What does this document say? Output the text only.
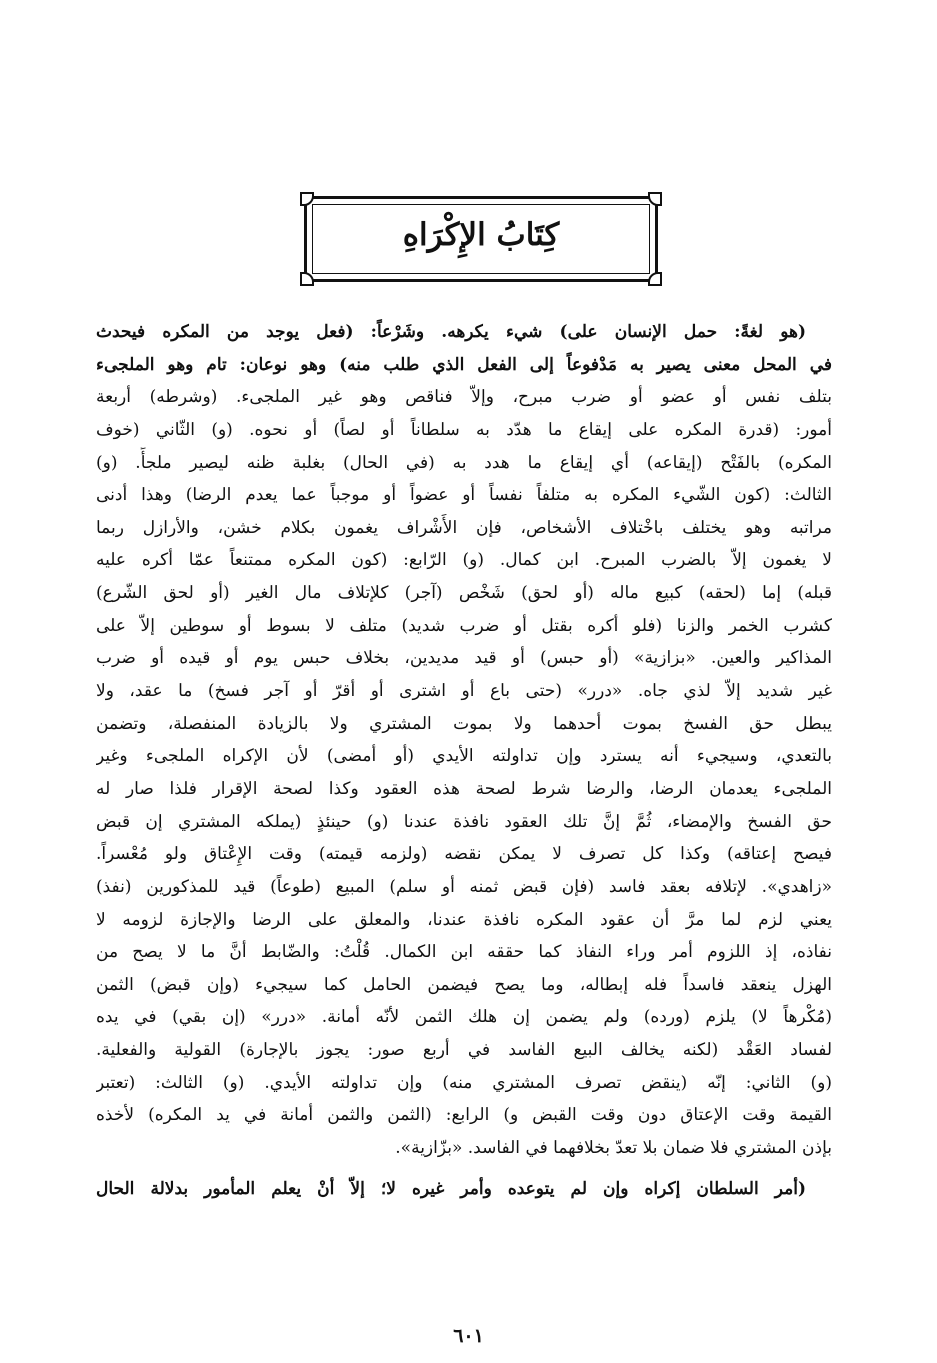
كِتَابُ الإِكْرَاهِ
(هو لغةً: حمل الإنسان على) شيء يكرهه. وشَرْعاً: (فعل يوجد من المكره فيحدث
في المحل معنى يصير به مَدْفوعاً إلى الفعل الذي طلب منه) وهو نوعان: تام وهو الملجىء
بتلف نفس أو عضو أو ضرب مبرح، وإلاّ فناقص وهو غير الملجىء. (وشرطه) أربعة
أمور: (قدرة المكره على إيقاع ما هدّد به سلطاناً أو لصاً) أو نحوه. (و) الثّاني (خوف
المكره) بالفَتْح (إيقاعه) أي إيقاع ما هدد به (في الحال) بغلبة ظنه ليصير ملجأً. (و)
الثالث: (كون الشّيء المكره به متلفاً نفساً أو عضواً أو موجباً عما يعدم الرضا) وهذا أدنى
مراتبه وهو يختلف باخْتلاف الأشخاص، فإن الأَشْراف يغمون بكلام خشن، والأرازل ربما
لا يغمون إلاّ بالضرب المبرح. ابن كمال. (و) الرّابع: (كون المكره ممتنعاً عمّا أكره عليه
قبله) إما (لحقه) كبيع ماله (أو لحق) شَخْص (آجر) كلإتلاف مال الغير (أو لحق الشّرع)
كشرب الخمر والزنا (فلو أكره بقتل أو ضرب شديد) متلف لا بسوط أو سوطين إلاّ على
المذاكير والعين. «بزازية» (أو حبس) أو قيد مديدين، بخلاف حبس يوم أو قيده أو ضرب
غير شديد إلاّ لذي جاه. «درر» (حتى باع أو اشترى أو أقرّ أو آجر فسخ) ما عقد، ولا
يبطل حق الفسخ بموت أحدهما ولا بموت المشتري ولا بالزيادة المنفصلة، وتضمن
بالتعدي، وسيجيء أنه يسترد وإن تداولته الأيدي (أو أمضى) لأن الإكراه الملجىء وغير
الملجىء يعدمان الرضا، والرضا شرط لصحة هذه العقود وكذا لصحة الإقرار فلذا صار له
حق الفسخ والإمضاء، ثُمَّ إنَّ تلك العقود نافذة عندنا (و) حينئذٍ (يملكه المشتري إن قبض
فيصح إعتاقه) وكذا كل تصرف لا يمكن نقضه (ولزمه قيمته) وقت الإِعْتاق ولو مُعْسراً.
«زاهدي». لإتلافه بعقد فاسد (فإن قبض ثمنه أو سلم) المبيع (طوعاً) قيد للمذكورين (نفذ)
يعني لزم لما مرَّ أن عقود المكره نافذة عندنا، والمعلق على الرضا والإجازة لزومه لا
نفاذه، إذ اللزوم أمر وراء النفاذ كما حققه ابن الكمال. قُلْتُ: والضّابط أنَّ ما لا يصح من
الهزل ينعقد فاسداً فله إبطاله، وما يصح فيضمن الحامل كما سيجيء (وإن قبض) الثمن
(مُكْرهاً لا) يلزم (ورده) ولم يضمن إن هلك الثمن لأنّه أمانة. «درر» (إن بقي) في يده
لفساد العَقْد (لكنه يخالف البيع الفاسد في أربع صور: يجوز بالإجارة) القولية والفعلية.
(و) الثاني: إنّه (ينقض تصرف المشتري منه) وإن تداولته الأيدي. (و) الثالث: (تعتبر
القيمة وقت الإعتاق دون وقت القبض و) الرابع: (الثمن والثمن أمانة في يد المكره) لأخذه
بإذن المشتري فلا ضمان بلا تعدّ بخلافهما في الفاسد. «بزّازية».
(أمر السلطان إكراه وإن لم يتوعده وأمر غيره لا؛ إلاّ أنْ يعلم المأمور بدلالة الحال
٦٠١
